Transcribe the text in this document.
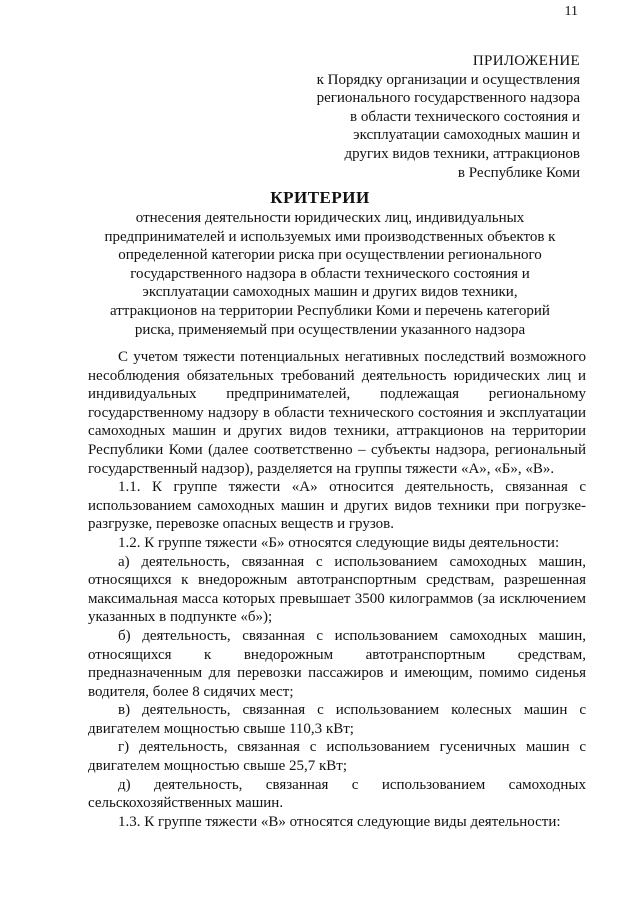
11
ПРИЛОЖЕНИЕ
к Порядку организации и осуществления
регионального государственного надзора
в области технического состояния и
эксплуатации самоходных машин и
других видов техники, аттракционов
в Республике Коми
КРИТЕРИИ
отнесения деятельности юридических лиц, индивидуальных предпринимателей и используемых ими производственных объектов к определенной категории риска при осуществлении регионального государственного надзора в области технического состояния и эксплуатации самоходных машин и других видов техники, аттракционов на территории Республики Коми и перечень категорий риска, применяемый при осуществлении указанного надзора

С учетом тяжести потенциальных негативных последствий возможного несоблюдения обязательных требований деятельность юридических лиц и индивидуальных предпринимателей, подлежащая региональному государственному надзору в области технического состояния и эксплуатации самоходных машин и других видов техники, аттракционов на территории Республики Коми (далее соответственно – субъекты надзора, региональный государственный надзор), разделяется на группы тяжести «А», «Б», «В».

1.1. К группе тяжести «А» относится деятельность, связанная с использованием самоходных машин и других видов техники при погрузке-разгрузке, перевозке опасных веществ и грузов.

1.2. К группе тяжести «Б» относятся следующие виды деятельности:

а) деятельность, связанная с использованием самоходных машин, относящихся к внедорожным автотранспортным средствам, разрешенная максимальная масса которых превышает 3500 килограммов (за исключением указанных в подпункте «б»);

б) деятельность, связанная с использованием самоходных машин, относящихся к внедорожным автотранспортным средствам, предназначенным для перевозки пассажиров и имеющим, помимо сиденья водителя, более 8 сидячих мест;

в) деятельность, связанная с использованием колесных машин с двигателем мощностью свыше 110,3 кВт;

г) деятельность, связанная с использованием гусеничных машин с двигателем мощностью свыше 25,7 кВт;

д) деятельность, связанная с использованием самоходных сельскохозяйственных машин.

1.3. К группе тяжести «В» относятся следующие виды деятельности:
